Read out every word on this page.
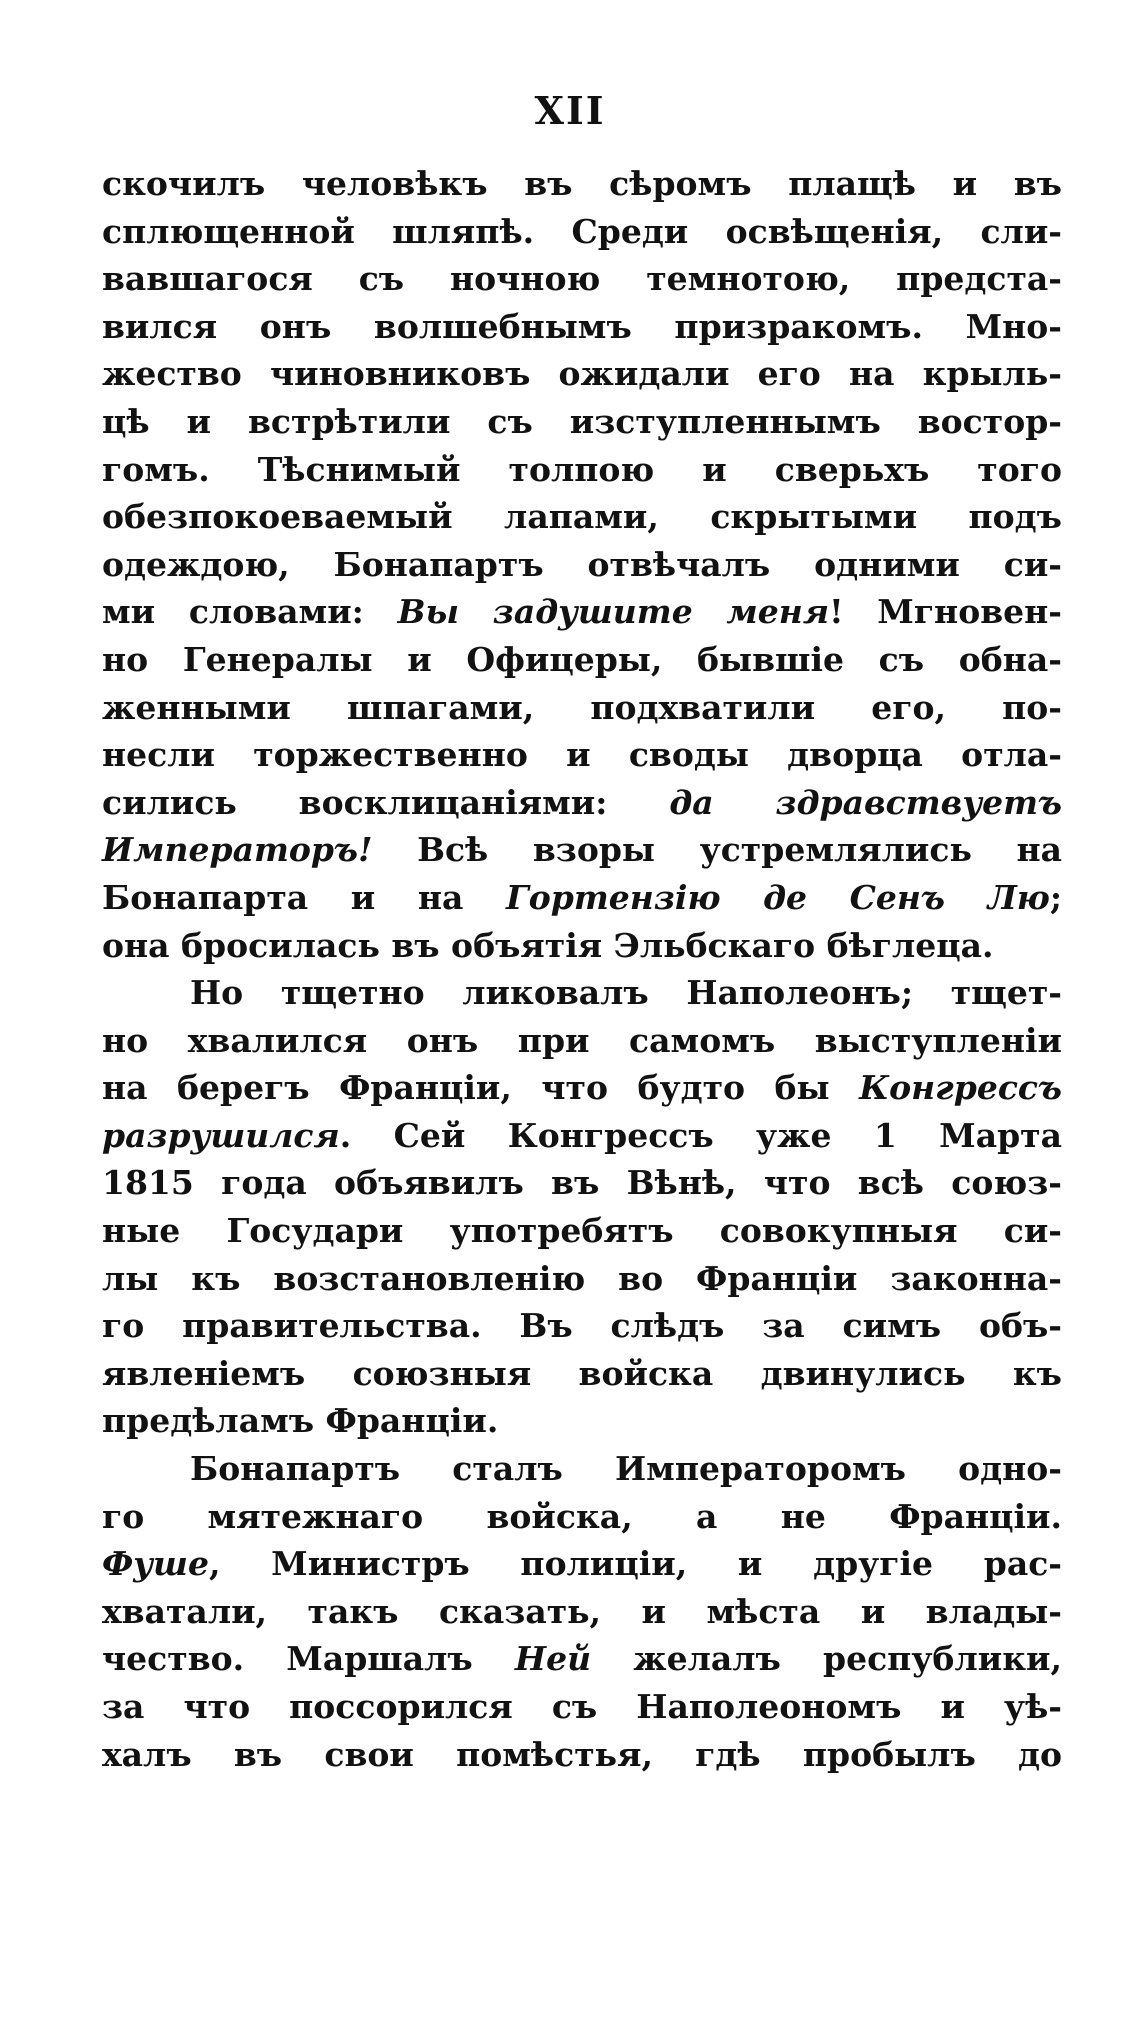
XII
скочилъ человѣкъ въ сѣромъ плащѣ и въ
сплющенной шляпѣ. Среди освѣщенія, сли-
вавшагося съ ночною темнотою, предста-
вился онъ волшебнымъ призракомъ. Мно-
жество чиновниковъ ожидали его на крыль-
цѣ и встрѣтили съ изступленнымъ востор-
гомъ. Тѣснимый толпою и сверьхъ того
обезпокоеваемый лапами, скрытыми подъ
одеждою, Бонапартъ отвѣчалъ одними си-
ми словами: Вы задушите меня! Мгновен-
но Генералы и Офицеры, бывшіе съ обна-
женными шпагами, подхватили его, по-
несли торжественно и своды дворца отла-
сились восклицаніями: да здравствуетъ
Императоръ! Всѣ взоры устремлялись на
Бонапарта и на Гортензію де Сенъ Лю;
она бросилась въ объятія Эльбскаго бѣглеца.
Но тщетно ликовалъ Наполеонъ; тщет-
но хвалился онъ при самомъ выступленіи
на берегъ Франціи, что будто бы Конгрессъ
разрушился. Сей Конгрессъ уже 1 Марта
1815 года объявилъ въ Вѣнѣ, что всѣ союз-
ные Государи употребятъ совокупныя си-
лы къ возстановленію во Франціи законна-
го правительства. Въ слѣдъ за симъ объ-
явленіемъ союзныя войска двинулись къ
предѣламъ Франціи.
Бонапартъ сталъ Императоромъ одно-
го мятежнаго войска, а не Франціи.
Фуше, Министръ полиціи, и другіе рас-
хватали, такъ сказать, и мѣста и влады-
чество. Маршалъ Ней желалъ республики,
за что поссорился съ Наполеономъ и уѣ-
халъ въ свои помѣстья, гдѣ пробылъ до
